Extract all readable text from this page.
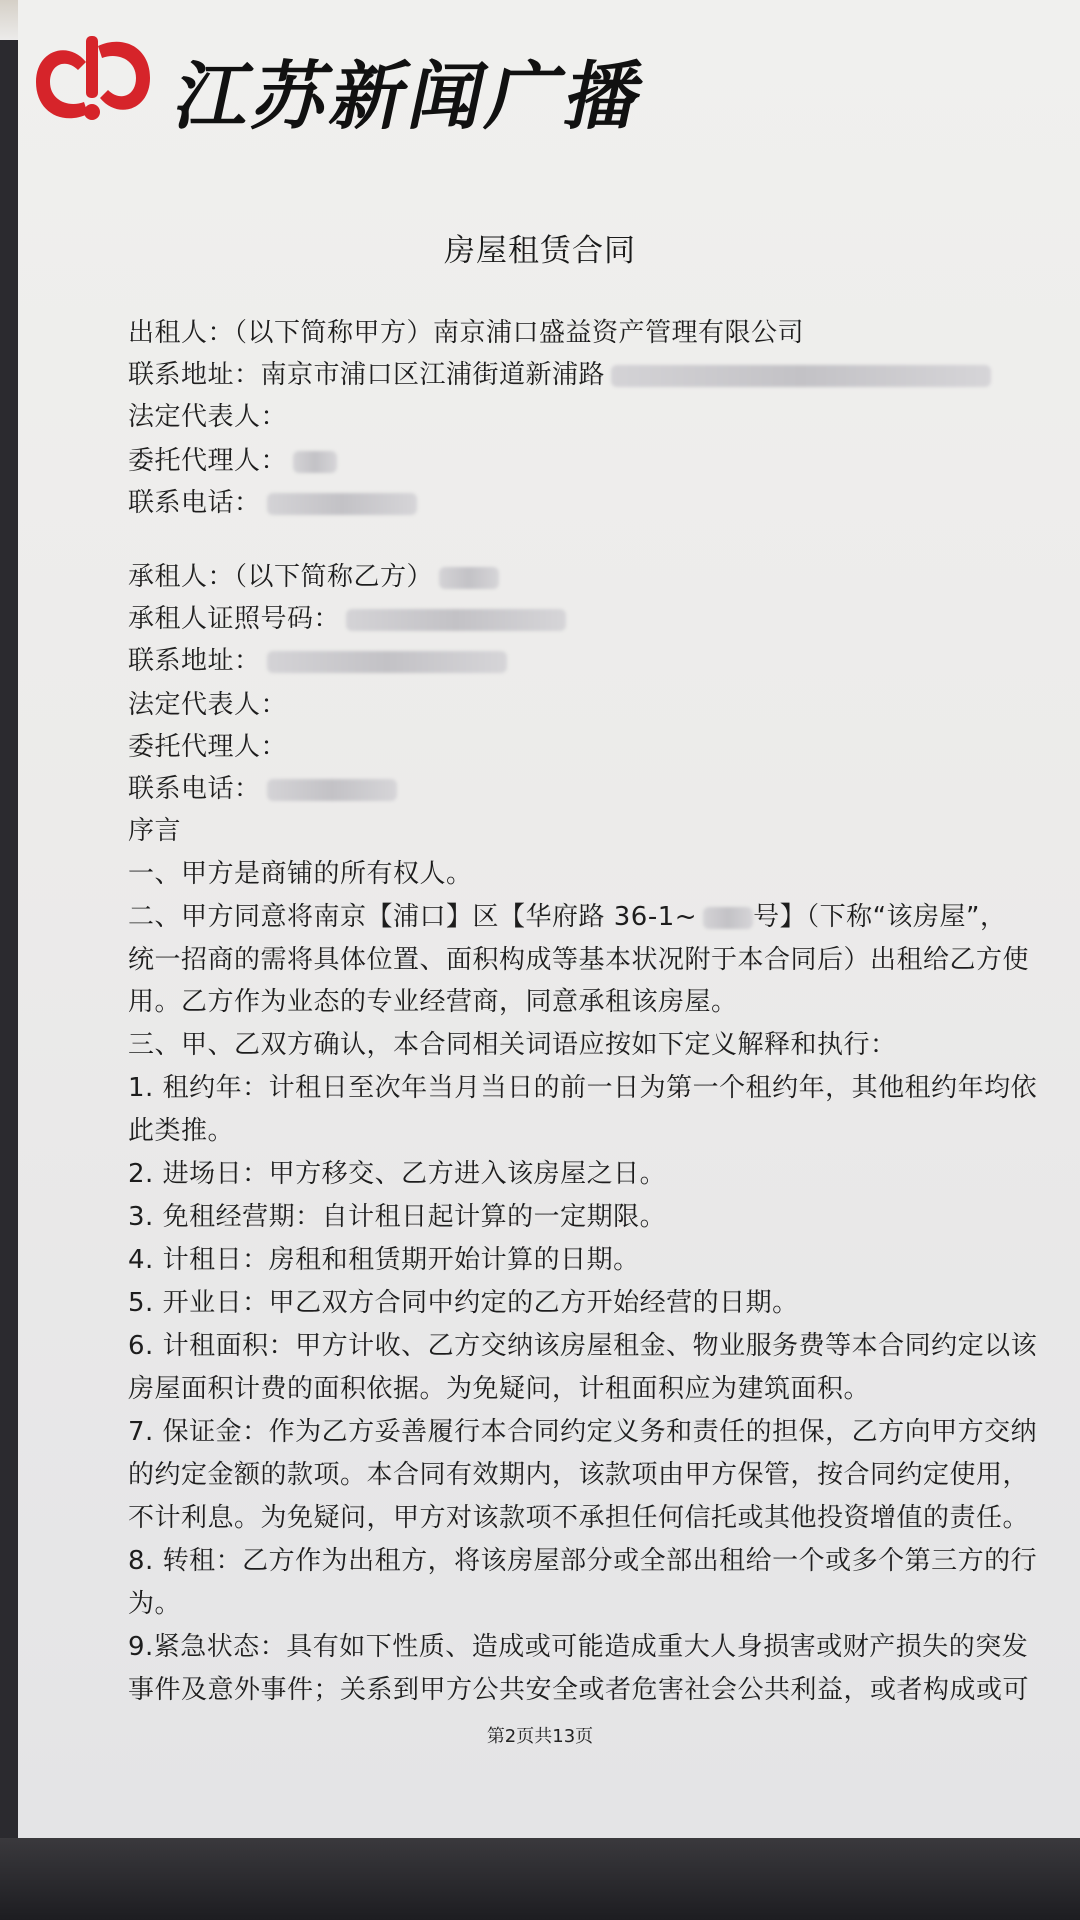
江苏新闻广播
房屋租赁合同
出租人：（以下简称甲方）南京浦口盛益资产管理有限公司
联系地址：南京市浦口区江浦街道新浦路
法定代表人：
委托代理人：
联系电话：
承租人：（以下简称乙方）
承租人证照号码：
联系地址：
法定代表人：
委托代理人：
联系电话：
序言
一、甲方是商铺的所有权人。
二、甲方同意将南京【浦口】区【华府路 36-1~ 号】（下称“该房屋”，
统一招商的需将具体位置、面积构成等基本状况附于本合同后）出租给乙方使
用。乙方作为业态的专业经营商，同意承租该房屋。
三、甲、乙双方确认，本合同相关词语应按如下定义解释和执行：
1. 租约年：计租日至次年当月当日的前一日为第一个租约年，其他租约年均依
此类推。
2. 进场日：甲方移交、乙方进入该房屋之日。
3. 免租经营期：自计租日起计算的一定期限。
4. 计租日：房租和租赁期开始计算的日期。
5. 开业日：甲乙双方合同中约定的乙方开始经营的日期。
6. 计租面积：甲方计收、乙方交纳该房屋租金、物业服务费等本合同约定以该
房屋面积计费的面积依据。为免疑问，计租面积应为建筑面积。
7. 保证金：作为乙方妥善履行本合同约定义务和责任的担保，乙方向甲方交纳
的约定金额的款项。本合同有效期内，该款项由甲方保管，按合同约定使用，
不计利息。为免疑问，甲方对该款项不承担任何信托或其他投资增值的责任。
8. 转租：乙方作为出租方，将该房屋部分或全部出租给一个或多个第三方的行
为。
9.紧急状态：具有如下性质、造成或可能造成重大人身损害或财产损失的突发
事件及意外事件；关系到甲方公共安全或者危害社会公共利益，或者构成或可
第2页共13页
